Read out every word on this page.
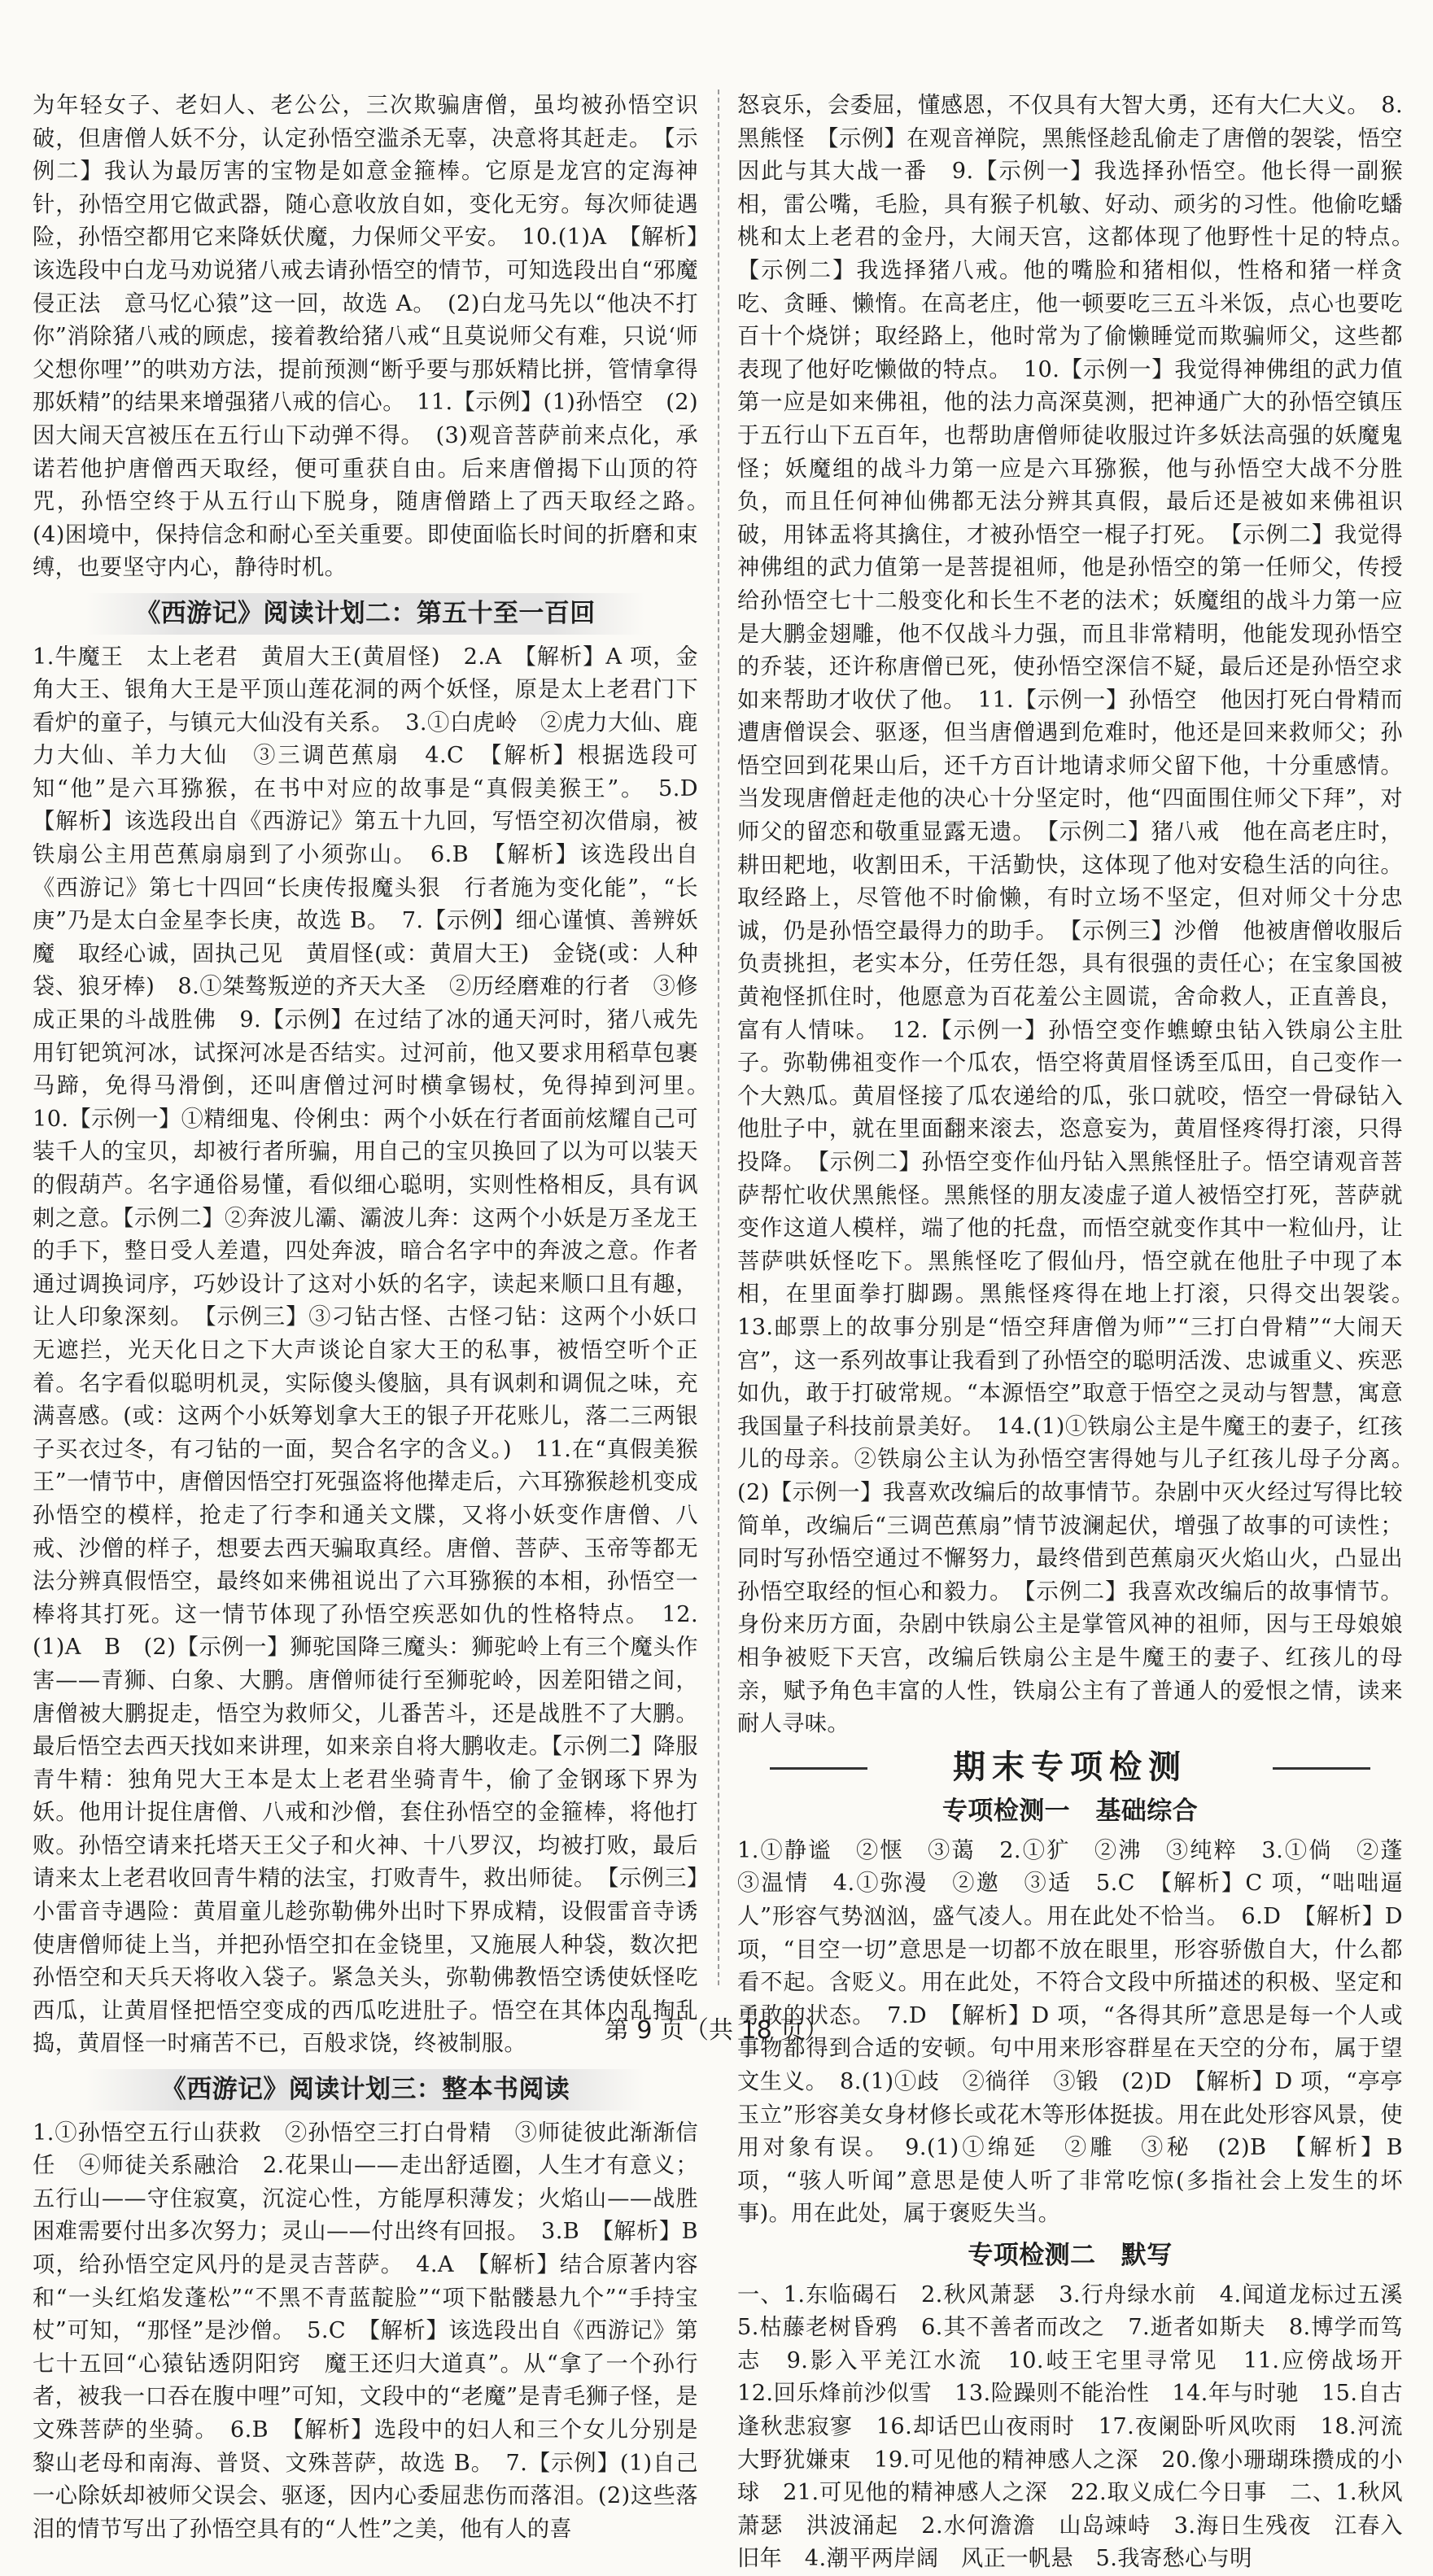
为年轻女子、老妇人、老公公，三次欺骗唐僧，虽均被孙悟空识破，但唐僧人妖不分，认定孙悟空滥杀无辜，决意将其赶走。　【示例二】我认为最厉害的宝物是如意金箍棒。它原是龙宫的定海神针，孙悟空用它做武器，随心意收放自如，变化无穷。每次师徒遇险，孙悟空都用它来降妖伏魔，力保师父平安。　10.(1)A　【解析】该选段中白龙马劝说猪八戒去请孙悟空的情节，可知选段出自“邪魔侵正法　意马忆心猿”这一回，故选 A。　(2)白龙马先以“他决不打你”消除猪八戒的顾虑，接着教给猪八戒“且莫说师父有难，只说‘师父想你哩’”的哄劝方法，提前预测“断乎要与那妖精比拼，管情拿得那妖精”的结果来增强猪八戒的信心。　11.【示例】(1)孙悟空　(2)因大闹天宫被压在五行山下动弹不得。　(3)观音菩萨前来点化，承诺若他护唐僧西天取经，便可重获自由。后来唐僧揭下山顶的符咒，孙悟空终于从五行山下脱身，随唐僧踏上了西天取经之路。　(4)困境中，保持信念和耐心至关重要。即使面临长时间的折磨和束缚，也要坚守内心，静待时机。

《西游记》阅读计划二：第五十至一百回

1.牛魔王　太上老君　黄眉大王(黄眉怪)　2.A　【解析】A 项，金角大王、银角大王是平顶山莲花洞的两个妖怪，原是太上老君门下看炉的童子，与镇元大仙没有关系。　3.①白虎岭　②虎力大仙、鹿力大仙、羊力大仙　③三调芭蕉扇　4.C　【解析】根据选段可知“他”是六耳猕猴，在书中对应的故事是“真假美猴王”。　5.D　【解析】该选段出自《西游记》第五十九回，写悟空初次借扇，被铁扇公主用芭蕉扇扇到了小须弥山。　6.B　【解析】该选段出自《西游记》第七十四回“长庚传报魔头狠　行者施为变化能”，“长庚”乃是太白金星李长庚，故选 B。　7.【示例】细心谨慎、善辨妖魔　取经心诚，固执己见　黄眉怪(或：黄眉大王)　金铙(或：人种袋、狼牙棒)　8.①桀骜叛逆的齐天大圣　②历经磨难的行者　③修成正果的斗战胜佛　9.【示例】在过结了冰的通天河时，猪八戒先用钉钯筑河冰，试探河冰是否结实。过河前，他又要求用稻草包裹马蹄，免得马滑倒，还叫唐僧过河时横拿锡杖，免得掉到河里。　10.【示例一】①精细鬼、伶俐虫：两个小妖在行者面前炫耀自己可装千人的宝贝，却被行者所骗，用自己的宝贝换回了以为可以装天的假葫芦。名字通俗易懂，看似细心聪明，实则性格相反，具有讽刺之意。【示例二】②奔波儿灞、灞波儿奔：这两个小妖是万圣龙王的手下，整日受人差遣，四处奔波，暗合名字中的奔波之意。作者通过调换词序，巧妙设计了这对小妖的名字，读起来顺口且有趣，让人印象深刻。　【示例三】③刁钻古怪、古怪刁钻：这两个小妖口无遮拦，光天化日之下大声谈论自家大王的私事，被悟空听个正着。名字看似聪明机灵，实际傻头傻脑，具有讽刺和调侃之味，充满喜感。(或：这两个小妖筹划拿大王的银子开花账儿，落二三两银子买衣过冬，有刁钻的一面，契合名字的含义。)　11.在“真假美猴王”一情节中，唐僧因悟空打死强盗将他撵走后，六耳猕猴趁机变成孙悟空的模样，抢走了行李和通关文牒，又将小妖变作唐僧、八戒、沙僧的样子，想要去西天骗取真经。唐僧、菩萨、玉帝等都无法分辨真假悟空，最终如来佛祖说出了六耳猕猴的本相，孙悟空一棒将其打死。这一情节体现了孙悟空疾恶如仇的性格特点。　12.(1)A　B　(2)【示例一】狮驼国降三魔头：狮驼岭上有三个魔头作害——青狮、白象、大鹏。唐僧师徒行至狮驼岭，因差阳错之间，唐僧被大鹏捉走，悟空为救师父，儿番苦斗，还是战胜不了大鹏。最后悟空去西天找如来讲理，如来亲自将大鹏收走。【示例二】降服青牛精：独角兕大王本是太上老君坐骑青牛，偷了金钢琢下界为妖。他用计捉住唐僧、八戒和沙僧，套住孙悟空的金箍棒，将他打败。孙悟空请来托塔天王父子和火神、十八罗汉，均被打败，最后请来太上老君收回青牛精的法宝，打败青牛，救出师徒。　【示例三】小雷音寺遇险：黄眉童儿趁弥勒佛外出时下界成精，设假雷音寺诱使唐僧师徒上当，并把孙悟空扣在金铙里，又施展人种袋，数次把孙悟空和天兵天将收入袋子。紧急关头，弥勒佛教悟空诱使妖怪吃西瓜，让黄眉怪把悟空变成的西瓜吃进肚子。悟空在其体内乱掏乱捣，黄眉怪一时痛苦不已，百般求饶，终被制服。

《西游记》阅读计划三：整本书阅读

1.①孙悟空五行山获救　②孙悟空三打白骨精　③师徒彼此渐渐信任　④师徒关系融洽　2.花果山——走出舒适圈，人生才有意义；五行山——守住寂寞，沉淀心性，方能厚积薄发；火焰山——战胜困难需要付出多次努力；灵山——付出终有回报。　3.B　【解析】B 项，给孙悟空定风丹的是灵吉菩萨。　4.A　【解析】结合原著内容和“一头红焰发蓬松”“不黑不青蓝靛脸”“项下骷髅悬九个”“手持宝杖”可知，“那怪”是沙僧。　5.C　【解析】该选段出自《西游记》第七十五回“心猿钻透阴阳窍　魔王还归大道真”。从“拿了一个孙行者，被我一口吞在腹中哩”可知，文段中的“老魔”是青毛狮子怪，是文殊菩萨的坐骑。　6.B　【解析】选段中的妇人和三个女儿分别是黎山老母和南海、普贤、文殊菩萨，故选 B。　7.【示例】(1)自己一心除妖却被师父误会、驱逐，因内心委屈悲伤而落泪。(2)这些落泪的情节写出了孙悟空具有的“人性”之美，他有人的喜

怒哀乐，会委屈，懂感恩，不仅具有大智大勇，还有大仁大义。　8.黑熊怪　【示例】在观音禅院，黑熊怪趁乱偷走了唐僧的袈裟，悟空因此与其大战一番　9.【示例一】我选择孙悟空。他长得一副猴相，雷公嘴，毛脸，具有猴子机敏、好动、顽劣的习性。他偷吃蟠桃和太上老君的金丹，大闹天宫，这都体现了他野性十足的特点。　【示例二】我选择猪八戒。他的嘴脸和猪相似，性格和猪一样贪吃、贪睡、懒惰。在高老庄，他一顿要吃三五斗米饭，点心也要吃百十个烧饼；取经路上，他时常为了偷懒睡觉而欺骗师父，这些都表现了他好吃懒做的特点。　10.【示例一】我觉得神佛组的武力值第一应是如来佛祖，他的法力高深莫测，把神通广大的孙悟空镇压于五行山下五百年，也帮助唐僧师徒收服过许多妖法高强的妖魔鬼怪；妖魔组的战斗力第一应是六耳猕猴，他与孙悟空大战不分胜负，而且任何神仙佛都无法分辨其真假，最后还是被如来佛祖识破，用钵盂将其擒住，才被孙悟空一棍子打死。　【示例二】我觉得神佛组的武力值第一是菩提祖师，他是孙悟空的第一任师父，传授给孙悟空七十二般变化和长生不老的法术；妖魔组的战斗力第一应是大鹏金翅雕，他不仅战斗力强，而且非常精明，他能发现孙悟空的乔装，还许称唐僧已死，使孙悟空深信不疑，最后还是孙悟空求如来帮助才收伏了他。　11.【示例一】孙悟空　他因打死白骨精而遭唐僧误会、驱逐，但当唐僧遇到危难时，他还是回来救师父；孙悟空回到花果山后，还千方百计地请求师父留下他，十分重感情。当发现唐僧赶走他的决心十分坚定时，他“四面围住师父下拜”，对师父的留恋和敬重显露无遗。　【示例二】猪八戒　他在高老庄时，耕田耙地，收割田禾，干活勤快，这体现了他对安稳生活的向往。取经路上，尽管他不时偷懒，有时立场不坚定，但对师父十分忠诚，仍是孙悟空最得力的助手。　【示例三】沙僧　他被唐僧收服后负责挑担，老实本分，任劳任怨，具有很强的责任心；在宝象国被黄袍怪抓住时，他愿意为百花羞公主圆谎，舍命救人，正直善良，富有人情味。　12.【示例一】孙悟空变作蟭蟟虫钻入铁扇公主肚子。弥勒佛祖变作一个瓜农，悟空将黄眉怪诱至瓜田，自己变作一个大熟瓜。黄眉怪接了瓜农递给的瓜，张口就咬，悟空一骨碌钻入他肚子中，就在里面翻来滚去，恣意妄为，黄眉怪疼得打滚，只得投降。　【示例二】孙悟空变作仙丹钻入黑熊怪肚子。悟空请观音菩萨帮忙收伏黑熊怪。黑熊怪的朋友凌虚子道人被悟空打死，菩萨就变作这道人模样，端了他的托盘，而悟空就变作其中一粒仙丹，让菩萨哄妖怪吃下。黑熊怪吃了假仙丹，悟空就在他肚子中现了本相，在里面拳打脚踢。黑熊怪疼得在地上打滚，只得交出袈裟。　13.邮票上的故事分别是“悟空拜唐僧为师”“三打白骨精”“大闹天宫”，这一系列故事让我看到了孙悟空的聪明活泼、忠诚重义、疾恶如仇，敢于打破常规。“本源悟空”取意于悟空之灵动与智慧，寓意我国量子科技前景美好。　14.(1)①铁扇公主是牛魔王的妻子，红孩儿的母亲。②铁扇公主认为孙悟空害得她与儿子红孩儿母子分离。　(2)【示例一】我喜欢改编后的故事情节。杂剧中灭火经过写得比较简单，改编后“三调芭蕉扇”情节波澜起伏，增强了故事的可读性；同时写孙悟空通过不懈努力，最终借到芭蕉扇灭火焰山火，凸显出孙悟空取经的恒心和毅力。　【示例二】我喜欢改编后的故事情节。身份来历方面，杂剧中铁扇公主是掌管风神的祖师，因与王母娘娘相争被贬下天宫，改编后铁扇公主是牛魔王的妻子、红孩儿的母亲，赋予角色丰富的人性，铁扇公主有了普通人的爱恨之情，读来耐人寻味。

期末专项检测
专项检测一　基础综合

1.①静谧　②惬　③蔼　2.①犷　②沸　③纯粹　3.①倘　②蓬　③温情　4.①弥漫　②邀　③适　5.C　【解析】C 项，“咄咄逼人”形容气势汹汹，盛气凌人。用在此处不恰当。　6.D　【解析】D 项，“目空一切”意思是一切都不放在眼里，形容骄傲自大，什么都看不起。含贬义。用在此处，不符合文段中所描述的积极、坚定和勇敢的状态。　7.D　【解析】D 项，“各得其所”意思是每一个人或事物都得到合适的安顿。句中用来形容群星在天空的分布，属于望文生义。　8.(1)①歧　②徜徉　③锻　(2)D　【解析】D 项，“亭亭玉立”形容美女身材修长或花木等形体挺拔。用在此处形容风景，使用对象有误。　9.(1)①绵延　②雕　③秘　(2)B　【解析】B 项，“骇人听闻”意思是使人听了非常吃惊(多指社会上发生的坏事)。用在此处，属于褒贬失当。

专项检测二　默写

一、1.东临碣石　2.秋风萧瑟　3.行舟绿水前　4.闻道龙标过五溪　5.枯藤老树昏鸦　6.其不善者而改之　7.逝者如斯夫　8.博学而笃志　9.影入平羌江水流　10.岐王宅里寻常见　11.应傍战场开　12.回乐烽前沙似雪　13.险躁则不能治性　14.年与时驰　15.自古逢秋悲寂寥　16.却话巴山夜雨时　17.夜阑卧听风吹雨　18.河流大野犹嫌束　19.可见他的精神感人之深　20.像小珊瑚珠攒成的小球　21.可见他的精神感人之深　22.取义成仁今日事　二、1.秋风萧瑟　洪波涌起　2.水何澹澹　山岛竦峙　3.海日生残夜　江春入旧年　4.潮平两岸阔　风正一帆悬　5.我寄愁心与明

第 9 页（共 18 页）
